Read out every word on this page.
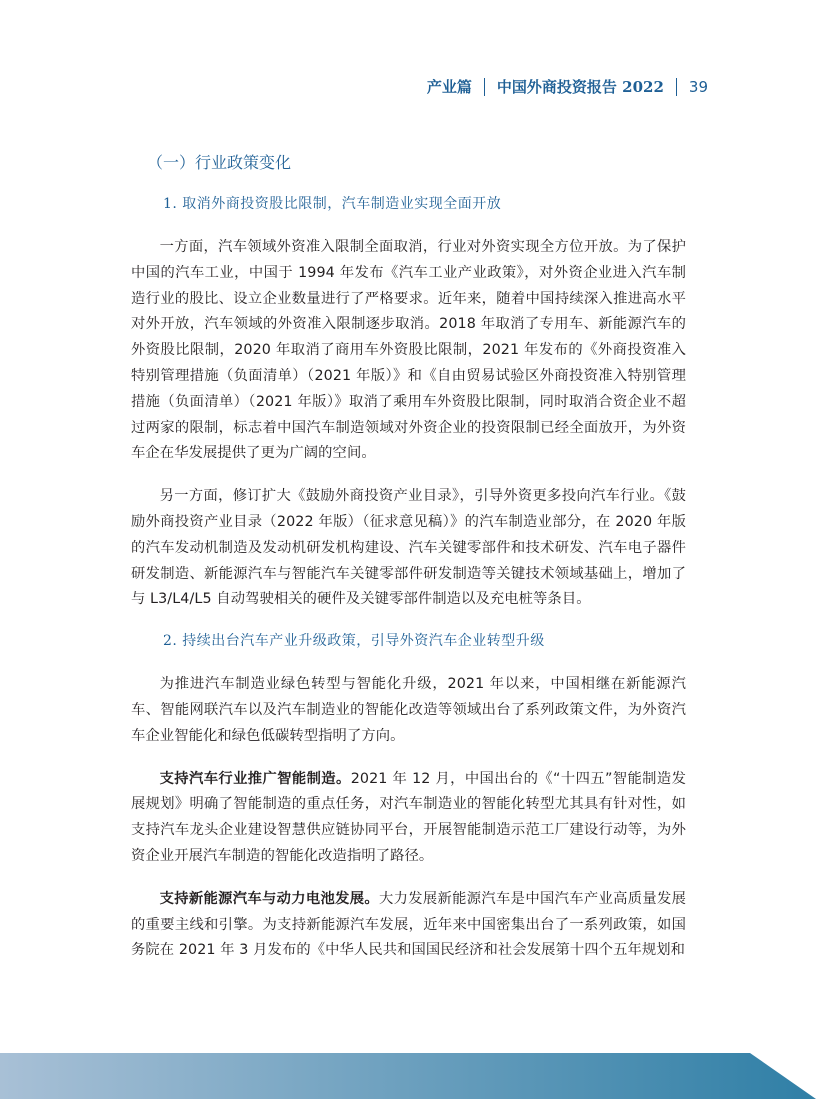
产业篇 中国外商投资报告 2022 39
（一）行业政策变化
1. 取消外商投资股比限制，汽车制造业实现全面开放

一方面，汽车领域外资准入限制全面取消，行业对外资实现全方位开放。为了保护中国的汽车工业，中国于 1994 年发布《汽车工业产业政策》，对外资企业进入汽车制造行业的股比、设立企业数量进行了严格要求。近年来，随着中国持续深入推进高水平对外开放，汽车领域的外资准入限制逐步取消。2018 年取消了专用车、新能源汽车的外资股比限制，2020 年取消了商用车外资股比限制，2021 年发布的《外商投资准入特别管理措施（负面清单）（2021 年版）》和《自由贸易试验区外商投资准入特别管理措施（负面清单）（2021 年版）》取消了乘用车外资股比限制，同时取消合资企业不超过两家的限制，标志着中国汽车制造领域对外资企业的投资限制已经全面放开，为外资车企在华发展提供了更为广阔的空间。

另一方面，修订扩大《鼓励外商投资产业目录》，引导外资更多投向汽车行业。《鼓励外商投资产业目录（2022 年版）（征求意见稿）》的汽车制造业部分，在 2020 年版的汽车发动机制造及发动机研发机构建设、汽车关键零部件和技术研发、汽车电子器件研发制造、新能源汽车与智能汽车关键零部件研发制造等关键技术领域基础上，增加了与 L3/L4/L5 自动驾驶相关的硬件及关键零部件制造以及充电桩等条目。

2. 持续出台汽车产业升级政策，引导外资汽车企业转型升级

为推进汽车制造业绿色转型与智能化升级，2021 年以来，中国相继在新能源汽车、智能网联汽车以及汽车制造业的智能化改造等领域出台了系列政策文件，为外资汽车企业智能化和绿色低碳转型指明了方向。

支持汽车行业推广智能制造。2021 年 12 月，中国出台的《“十四五”智能制造发展规划》明确了智能制造的重点任务，对汽车制造业的智能化转型尤其具有针对性，如支持汽车龙头企业建设智慧供应链协同平台，开展智能制造示范工厂建设行动等，为外资企业开展汽车制造的智能化改造指明了路径。

支持新能源汽车与动力电池发展。大力发展新能源汽车是中国汽车产业高质量发展的重要主线和引擎。为支持新能源汽车发展，近年来中国密集出台了一系列政策，如国务院在 2021 年 3 月发布的《中华人民共和国国民经济和社会发展第十四个五年规划和
